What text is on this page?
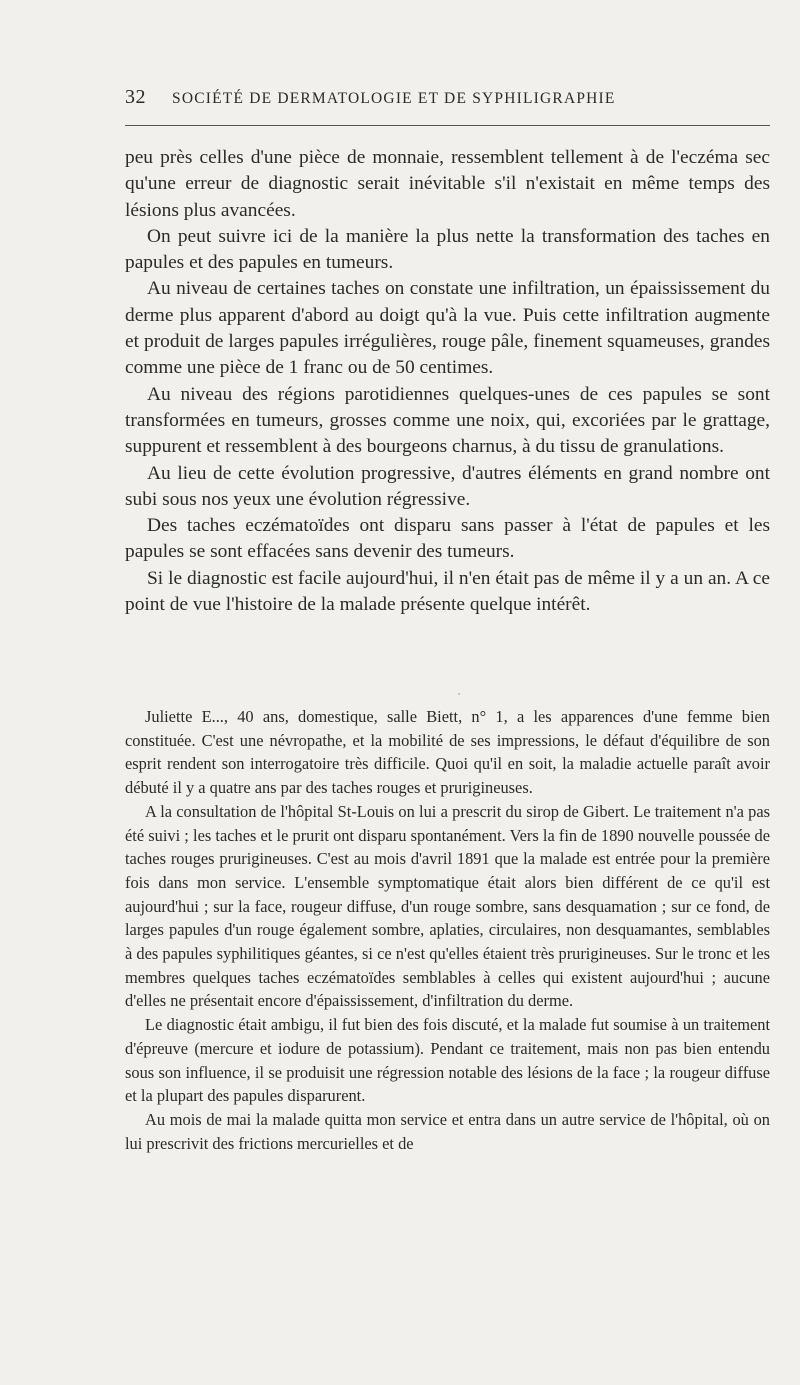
32 SOCIÉTÉ DE DERMATOLOGIE ET DE SYPHILIGRAPHIE

peu près celles d'une pièce de monnaie, ressemblent tellement à de l'eczéma sec qu'une erreur de diagnostic serait inévitable s'il n'existait en même temps des lésions plus avancées.

On peut suivre ici de la manière la plus nette la transformation des taches en papules et des papules en tumeurs.

Au niveau de certaines taches on constate une infiltration, un épaississement du derme plus apparent d'abord au doigt qu'à la vue. Puis cette infiltration augmente et produit de larges papules irrégulières, rouge pâle, finement squameuses, grandes comme une pièce de 1 franc ou de 50 centimes.

Au niveau des régions parotidiennes quelques-unes de ces papules se sont transformées en tumeurs, grosses comme une noix, qui, excoriées par le grattage, suppurent et ressemblent à des bourgeons charnus, à du tissu de granulations.

Au lieu de cette évolution progressive, d'autres éléments en grand nombre ont subi sous nos yeux une évolution régressive.

Des taches eczématoïdes ont disparu sans passer à l'état de papules et les papules se sont effacées sans devenir des tumeurs.

Si le diagnostic est facile aujourd'hui, il n'en était pas de même il y a un an. A ce point de vue l'histoire de la malade présente quelque intérêt.

Juliette E..., 40 ans, domestique, salle Biett, n° 1, a les apparences d'une femme bien constituée. C'est une névropathe, et la mobilité de ses impressions, le défaut d'équilibre de son esprit rendent son interrogatoire très difficile. Quoi qu'il en soit, la maladie actuelle paraît avoir débuté il y a quatre ans par des taches rouges et prurigineuses.

A la consultation de l'hôpital St-Louis on lui a prescrit du sirop de Gibert. Le traitement n'a pas été suivi ; les taches et le prurit ont disparu spontanément. Vers la fin de 1890 nouvelle poussée de taches rouges prurigineuses. C'est au mois d'avril 1891 que la malade est entrée pour la première fois dans mon service. L'ensemble symptomatique était alors bien différent de ce qu'il est aujourd'hui ; sur la face, rougeur diffuse, d'un rouge sombre, sans desquamation ; sur ce fond, de larges papules d'un rouge également sombre, aplaties, circulaires, non desquamantes, semblables à des papules syphilitiques géantes, si ce n'est qu'elles étaient très prurigineuses. Sur le tronc et les membres quelques taches eczématoïdes semblables à celles qui existent aujourd'hui ; aucune d'elles ne présentait encore d'épaississement, d'infiltration du derme.

Le diagnostic était ambigu, il fut bien des fois discuté, et la malade fut soumise à un traitement d'épreuve (mercure et iodure de potassium). Pendant ce traitement, mais non pas bien entendu sous son influence, il se produisit une régression notable des lésions de la face ; la rougeur diffuse et la plupart des papules disparurent.

Au mois de mai la malade quitta mon service et entra dans un autre service de l'hôpital, où on lui prescrivit des frictions mercurielles et de
